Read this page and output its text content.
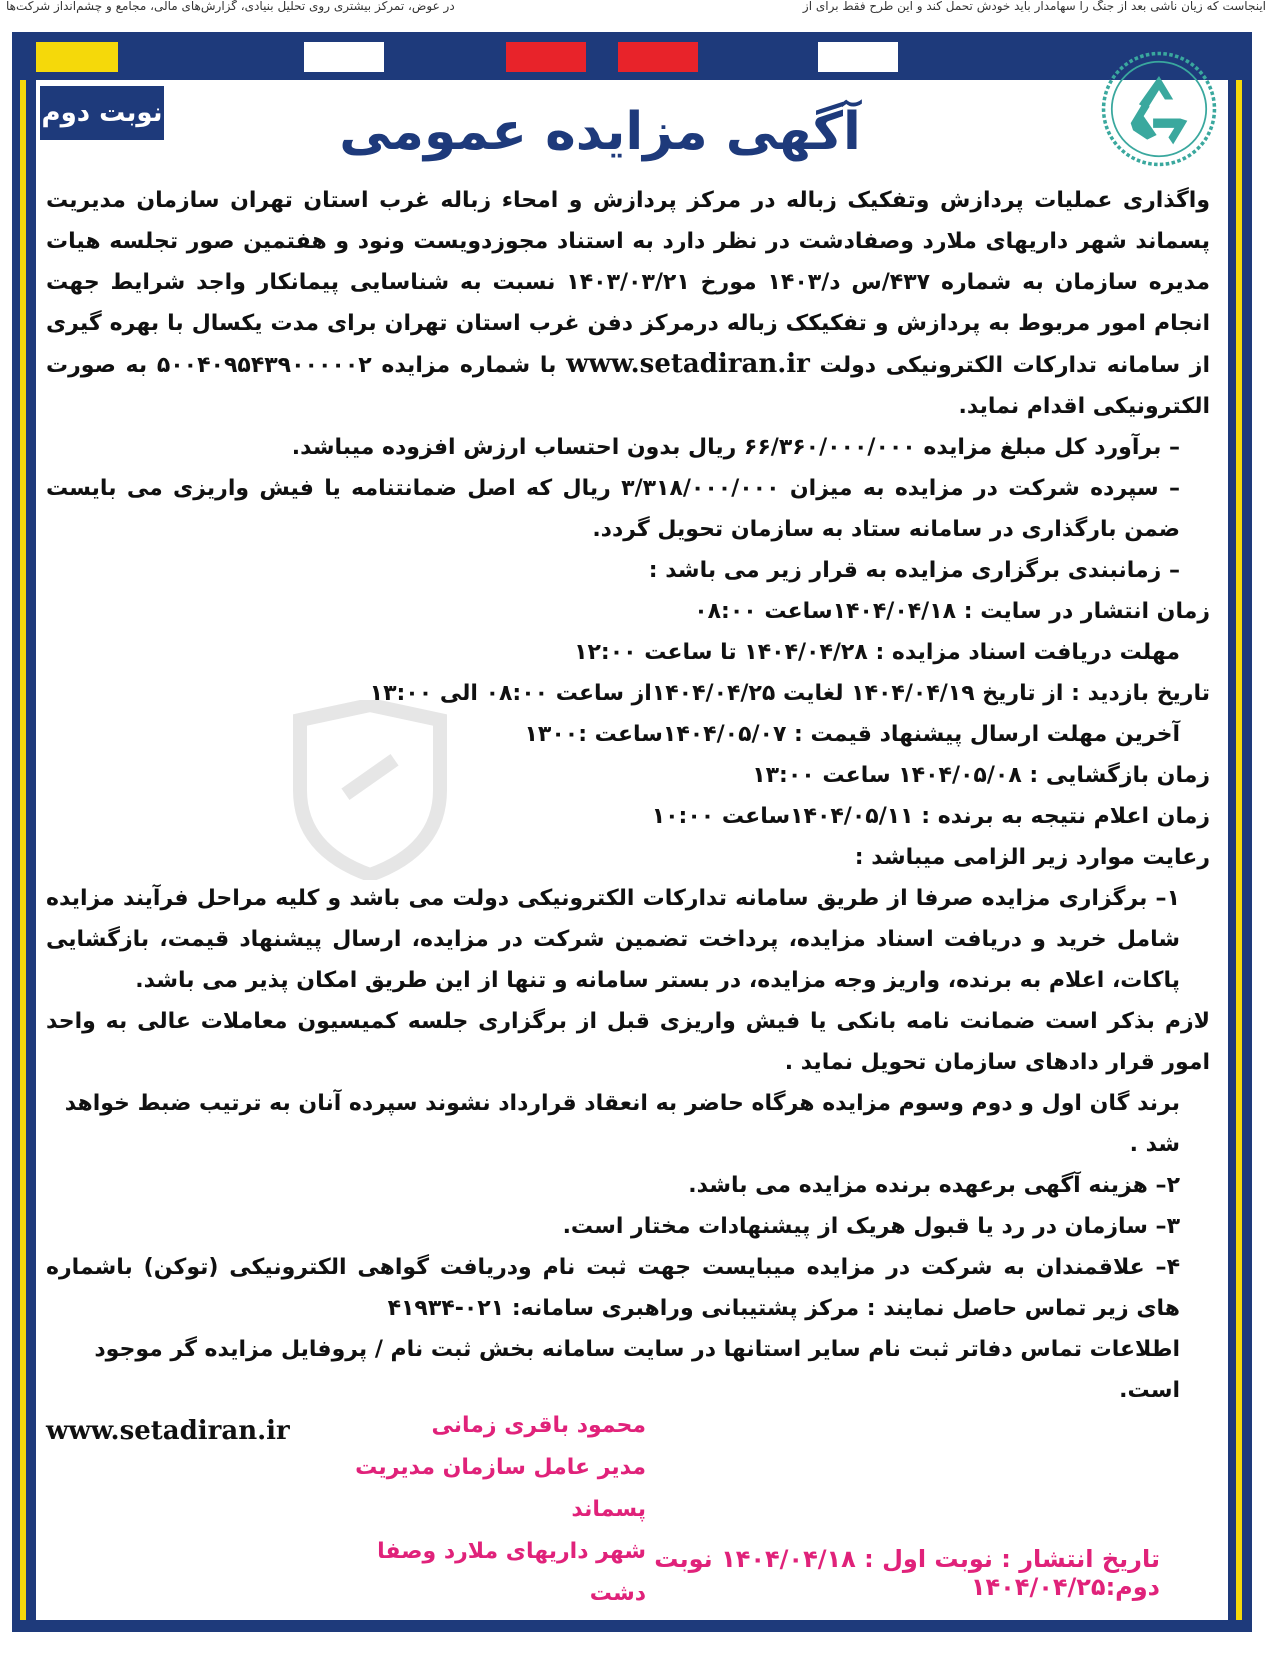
اینجاست که زیان ناشی بعد از جنگ را سهامدار باید خودش تحمل کند و این طرح فقط برای از
در عوض، تمرکز بیشتری روی تحلیل بنیادی، گزارش‌های مالی، مجامع و چشم‌انداز شرکت‌ها
نوبت دوم	آگهی مزایده عمومی

واگذاری عملیات پردازش وتفکیک زباله در مرکز پردازش و امحاء زباله غرب استان تهران سازمان مدیریت پسماند شهر داریهای ملارد وصفادشت در نظر دارد به استناد مجوزدویست ونود و هفتمین صور تجلسه هیات مدیره سازمان به شماره ۴۳۷/س د/۱۴۰۳ مورخ ۱۴۰۳/۰۳/۲۱ نسبت به شناسایی پیمانکار واجد شرایط جهت انجام امور مربوط به پردازش و تفکیکک زباله درمرکز دفن غرب استان تهران برای مدت یکسال با بهره گیری از سامانه تدارکات الکترونیکی دولت www.setadiran.ir با شماره مزایده ۵۰۰۴۰۹۵۴۳۹۰۰۰۰۰۲ به صورت الکترونیکی اقدام نماید.

– برآورد کل مبلغ مزایده ۶۶/۳۶۰/۰۰۰/۰۰۰ ریال بدون احتساب ارزش افزوده میباشد.

– سپرده شرکت در مزایده به میزان ۳/۳۱۸/۰۰۰/۰۰۰ ریال که اصل ضمانتنامه یا فیش واریزی می بایست ضمن بارگذاری در سامانه ستاد به سازمان تحویل گردد.

– زمانبندی برگزاری مزایده به قرار زیر می باشد :

زمان انتشار در سایت : ۱۴۰۴/۰۴/۱۸ساعت ۰۸:۰۰

مهلت دریافت اسناد مزایده : ۱۴۰۴/۰۴/۲۸ تا ساعت ۱۲:۰۰

تاریخ بازدید : از تاریخ ۱۴۰۴/۰۴/۱۹ لغایت ۱۴۰۴/۰۴/۲۵از ساعت ۰۸:۰۰ الی ۱۳:۰۰

آخرین مهلت ارسال پیشنهاد قیمت : ۱۴۰۴/۰۵/۰۷ساعت :۱۳۰۰

زمان بازگشایی : ۱۴۰۴/۰۵/۰۸ ساعت ۱۳:۰۰

زمان اعلام نتیجه به برنده : ۱۴۰۴/۰۵/۱۱ساعت ۱۰:۰۰

رعایت موارد زیر الزامی میباشد :

۱– برگزاری مزایده صرفا از طریق سامانه تدارکات الکترونیکی دولت می باشد و کلیه مراحل فرآیند مزایده شامل خرید و دریافت اسناد مزایده، پرداخت تضمین شرکت در مزایده، ارسال پیشنهاد قیمت، بازگشایی پاکات، اعلام به برنده، واریز وجه مزایده، در بستر سامانه و تنها از این طریق امکان پذیر می باشد.

لازم بذکر است ضمانت نامه بانکی یا فیش واریزی قبل از برگزاری جلسه کمیسیون معاملات عالی به واحد امور قرار دادهای سازمان تحویل نماید .

برند گان اول و دوم وسوم مزایده هرگاه حاضر به انعقاد قرارداد نشوند سپرده آنان به ترتیب ضبط خواهد شد .

۲– هزینه آگهی برعهده برنده مزایده می باشد.

۳– سازمان در رد یا قبول هریک از پیشنهادات مختار است.

۴– علاقمندان به شرکت در مزایده میبایست جهت ثبت نام ودریافت گواهی الکترونیکی (توکن) باشماره های زیر تماس حاصل نمایند : مرکز پشتیبانی وراهبری سامانه: ۰۲۱-۴۱۹۳۴

اطلاعات تماس دفاتر ثبت نام سایر استانها در سایت سامانه بخش ثبت نام / پروفایل مزایده گر موجود است.

www.setadiran.ir	محمود باقری زمانی
مدیر عامل سازمان مدیریت پسماند
شهر داریهای ملارد وصفا دشت
تاریخ انتشار : نوبت اول : ۱۴۰۴/۰۴/۱۸ نوبت دوم:۱۴۰۴/۰۴/۲۵
